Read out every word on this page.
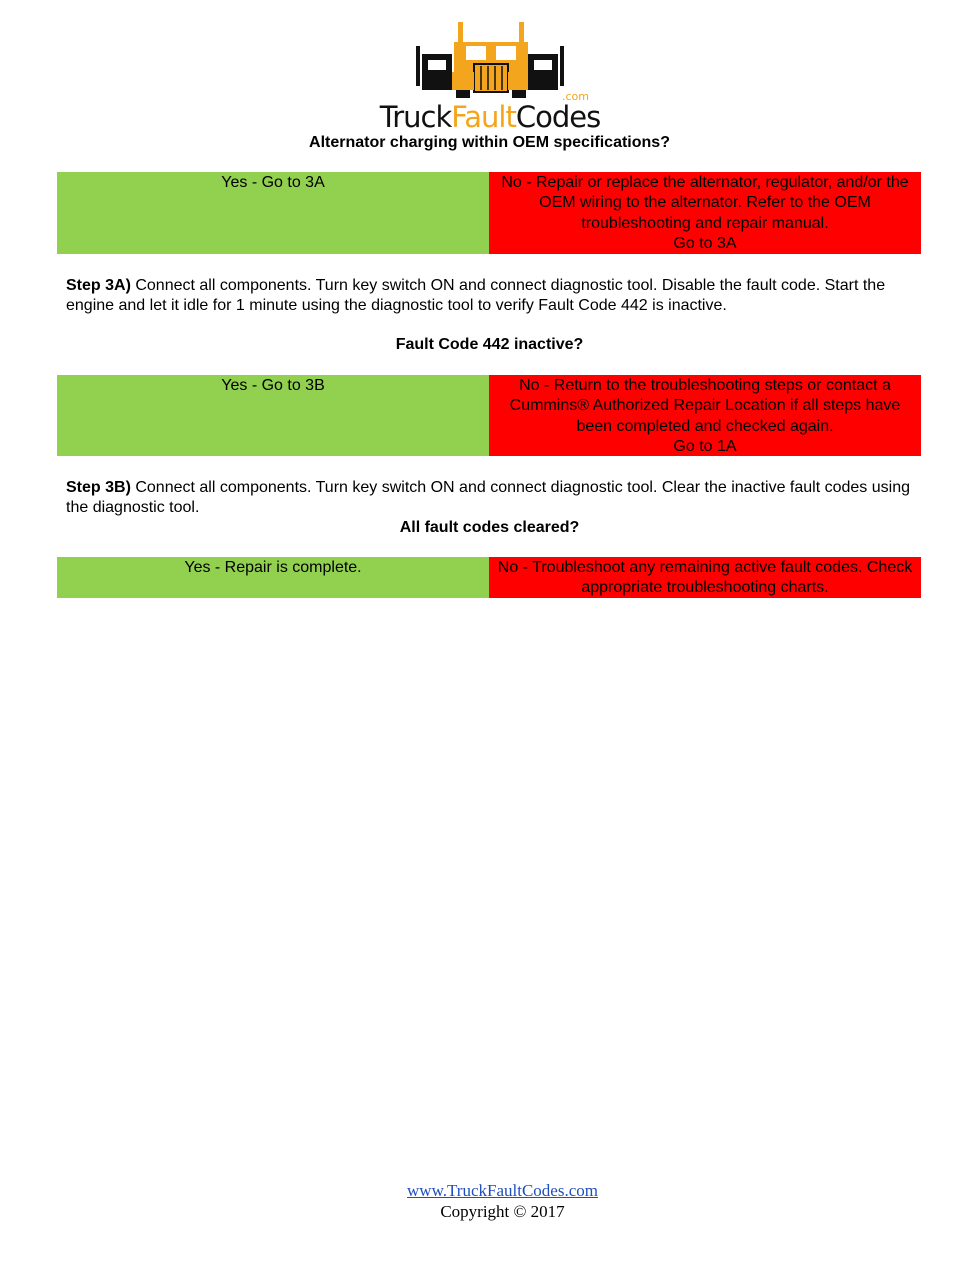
.com
TruckFaultCodes
Alternator charging within OEM specifications?
Yes - Go to 3A	No - Repair or replace the alternator, regulator, and/or the OEM wiring to the alternator. Refer to the OEM troubleshooting and repair manual.
Go to 3A
Step 3A) Connect all components. Turn key switch ON and connect diagnostic tool. Disable the fault code. Start the engine and let it idle for 1 minute using the diagnostic tool to verify Fault Code 442 is inactive.
Fault Code 442 inactive?
Yes - Go to 3B	No - Return to the troubleshooting steps or contact a Cummins® Authorized Repair Location if all steps have been completed and checked again.
Go to 1A
Step 3B) Connect all components. Turn key switch ON and connect diagnostic tool. Clear the inactive fault codes using the diagnostic tool.
All fault codes cleared?
Yes - Repair is complete.	No - Troubleshoot any remaining active fault codes. Check appropriate troubleshooting charts.
www.TruckFaultCodes.com
Copyright © 2017
